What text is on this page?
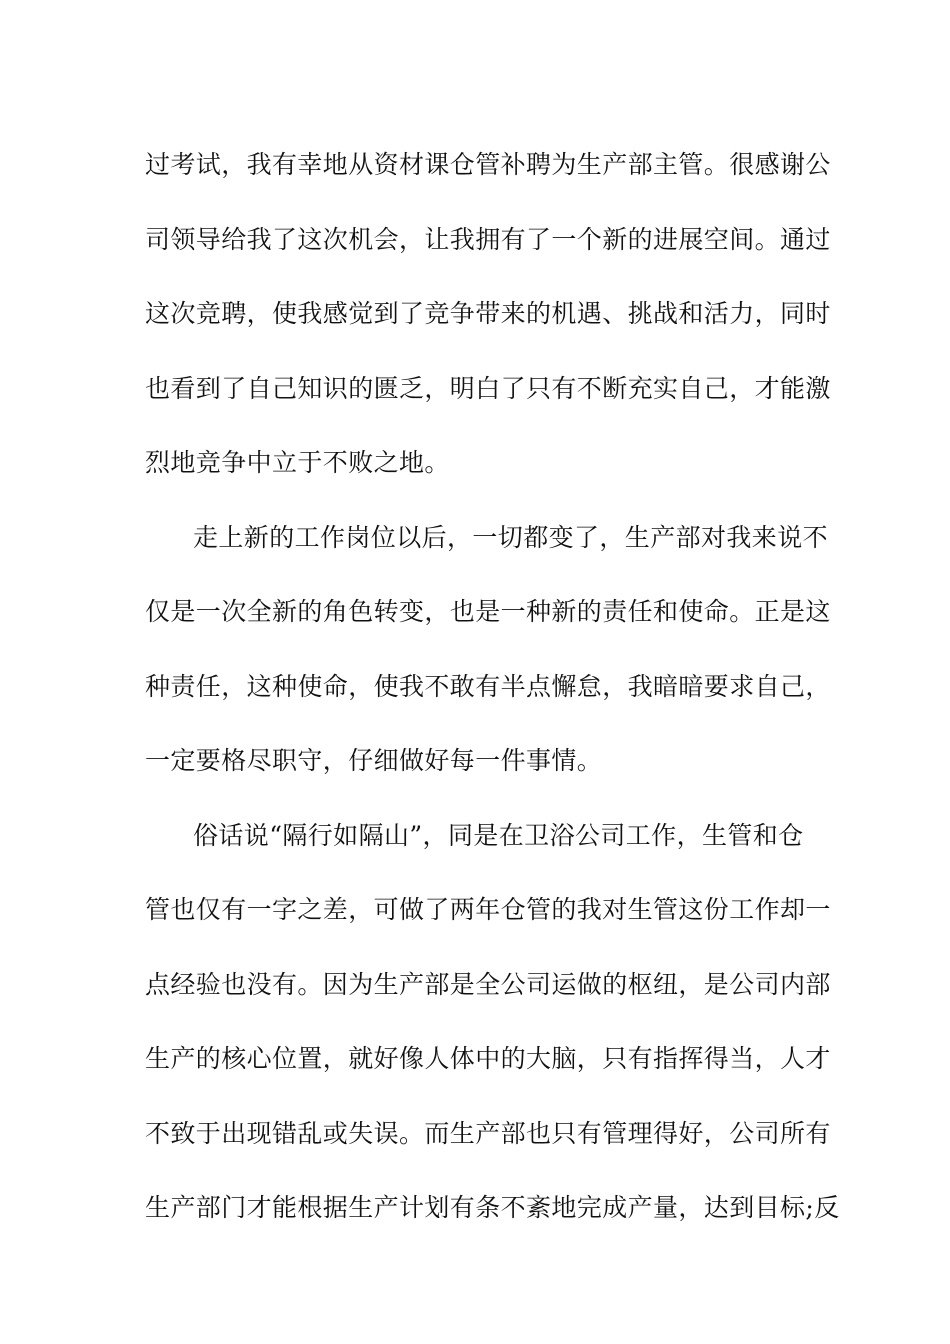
过考试，我有幸地从资材课仓管补聘为生产部主管。很感谢公
司领导给我了这次机会，让我拥有了一个新的进展空间。通过
这次竞聘，使我感觉到了竞争带来的机遇、挑战和活力，同时
也看到了自己知识的匮乏，明白了只有不断充实自己，才能激
烈地竞争中立于不败之地。
走上新的工作岗位以后，一切都变了，生产部对我来说不
仅是一次全新的角色转变，也是一种新的责任和使命。正是这
种责任，这种使命，使我不敢有半点懈怠，我暗暗要求自己，
一定要格尽职守，仔细做好每一件事情。
俗话说“隔行如隔山”，同是在卫浴公司工作，生管和仓
管也仅有一字之差，可做了两年仓管的我对生管这份工作却一
点经验也没有。因为生产部是全公司运做的枢纽，是公司内部
生产的核心位置，就好像人体中的大脑，只有指挥得当，人才
不致于出现错乱或失误。而生产部也只有管理得好，公司所有
生产部门才能根据生产计划有条不紊地完成产量，达到目标;反
